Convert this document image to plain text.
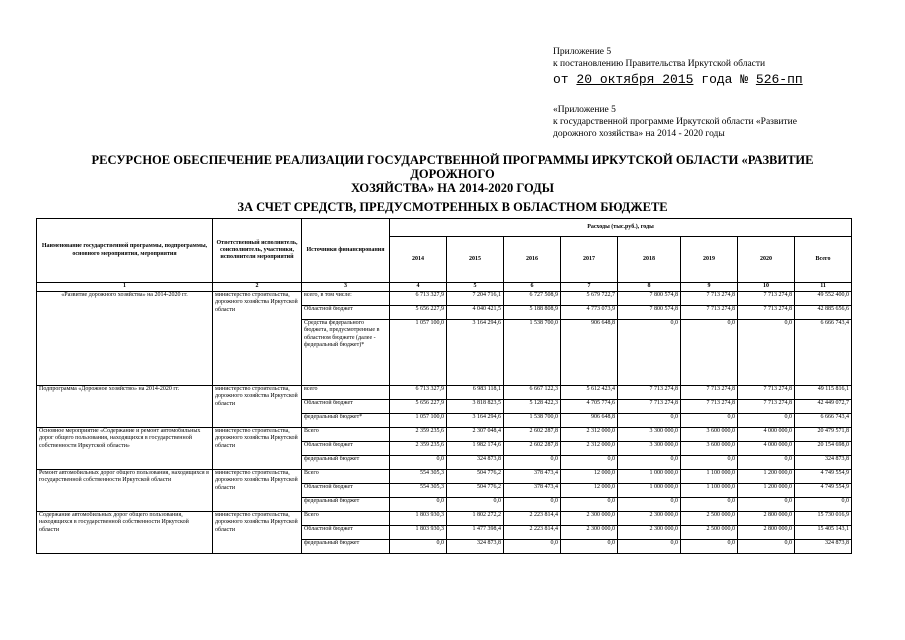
Приложение 5
к постановлению Правительства Иркутской области
от 20 октября 2015 года № 526-пп
«Приложение 5
к государственной программе Иркутской области «Развитие
дорожного хозяйства» на 2014 - 2020 годы
РЕСУРСНОЕ ОБЕСПЕЧЕНИЕ РЕАЛИЗАЦИИ ГОСУДАРСТВЕННОЙ ПРОГРАММЫ ИРКУТСКОЙ ОБЛАСТИ «РАЗВИТИЕ ДОРОЖНОГО
ХОЗЯЙСТВА» НА 2014-2020 ГОДЫ
ЗА СЧЕТ СРЕДСТВ, ПРЕДУСМОТРЕННЫХ В ОБЛАСТНОМ БЮДЖЕТЕ
Наименование государственной программы, подпрограммы, основного мероприятия, мероприятия	Ответственный исполнитель, соисполнитель, участники, исполнители мероприятий	Источники финансирования	Расходы (тыс.руб.), годы							
			2014	2015	2016	2017	2018	2019	2020	Всего
1	2	3	4	5	6	7	8	9	10	11
«Развитие дорожного хозяйства» на 2014-2020 гг.	министерство строительства, дорожного хозяйства Иркутской области	всего, в том числе:	6 713 327,9	7 204 716,1	6 727 508,9	5 679 722,7	7 800 574,8	7 713 274,8	7 713 274,8	49 552 400,0
		Областной бюджет	5 656 227,9	4 040 421,5	5 188 808,9	4 773 073,9	7 800 574,8	7 713 274,8	7 713 274,8	42 885 656,6
		Средства федерального бюджета, предусмотренные в областном бюджете (далее - федеральный бюджет)*	1 057 100,0	3 164 294,6	1 538 700,0	906 648,8	0,0	0,0	0,0	6 666 743,4
Подпрограмма «Дорожное хозяйство» на 2014-2020 гг.	министерство строительства, дорожного хозяйства Иркутской области	всего	6 713 327,9	6 983 118,1	6 667 122,3	5 612 423,4	7 713 274,8	7 713 274,8	7 713 274,8	49 115 816,1
		Областной бюджет	5 656 227,9	3 818 823,5	5 128 422,3	4 705 774,6	7 713 274,8	7 713 274,8	7 713 274,8	42 449 072,7
		федеральный бюджет*	1 057 100,0	3 164 294,6	1 538 700,0	906 648,8	0,0	0,0	0,0	6 666 743,4
Основное мероприятие «Содержание и ремонт автомобильных дорог общего пользования, находящихся в государственной собственности Иркутской области»	министерство строительства, дорожного хозяйства Иркутской области	Всего	2 359 235,6	2 307 048,4	2 602 287,8	2 312 000,0	3 300 000,0	3 600 000,0	4 000 000,0	20 479 571,8
		Областной бюджет	2 359 235,6	1 982 174,6	2 602 287,8	2 312 000,0	3 300 000,0	3 600 000,0	4 000 000,0	20 154 698,0
		федеральный бюджет	0,0	324 873,8	0,0	0,0	0,0	0,0	0,0	324 873,8
Ремонт автомобильных дорог общего пользования, находящихся в государственной собственности Иркутской области	министерство строительства, дорожного хозяйства Иркутской области	Всего	554 305,3	504 776,2	378 473,4	12 000,0	1 000 000,0	1 100 000,0	1 200 000,0	4 749 554,9
		Областной бюджет	554 305,3	504 776,2	378 473,4	12 000,0	1 000 000,0	1 100 000,0	1 200 000,0	4 749 554,9
		федеральный бюджет	0,0	0,0	0,0	0,0	0,0	0,0	0,0	0,0
Содержание автомобильных дорог общего пользования, находящихся в государственной собственности Иркутской области	министерство строительства, дорожного хозяйства Иркутской области	Всего	1 803 930,3	1 802 272,2	2 223 814,4	2 300 000,0	2 300 000,0	2 500 000,0	2 800 000,0	15 730 016,9
		Областной бюджет	1 803 930,3	1 477 398,4	2 223 814,4	2 300 000,0	2 300 000,0	2 500 000,0	2 800 000,0	15 405 143,1
		федеральный бюджет	0,0	324 873,8	0,0	0,0	0,0	0,0	0,0	324 873,8
